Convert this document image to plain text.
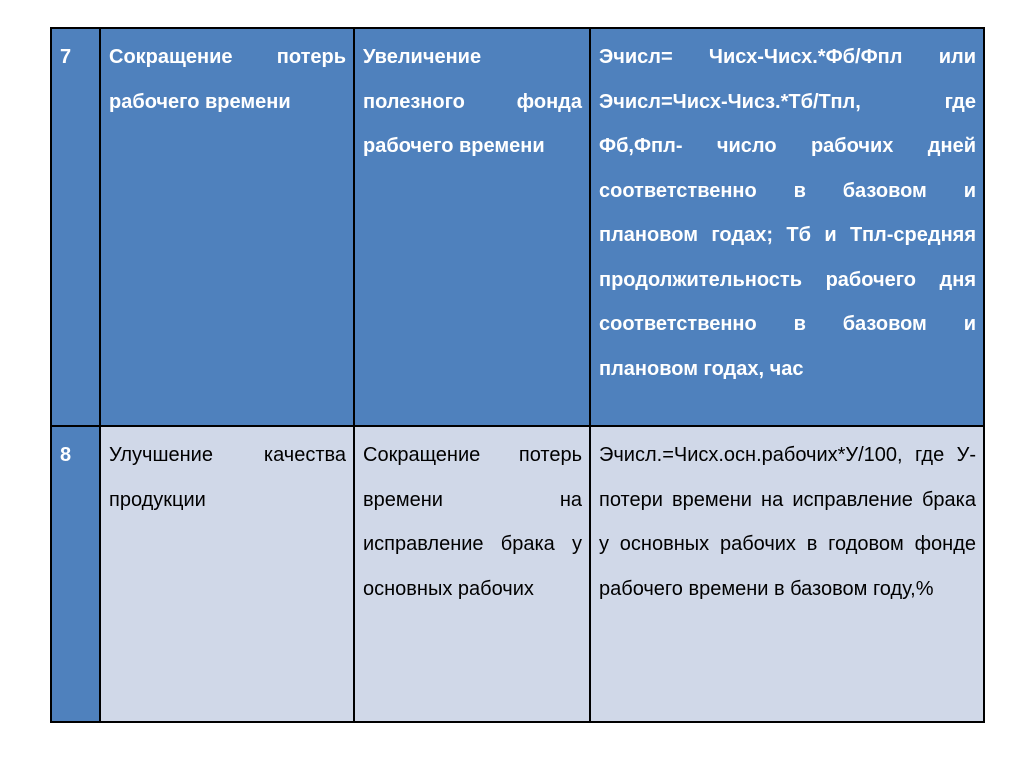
7	Сокращение потерь рабочего времени	Увеличение полезного фонда рабочего времени	Эчисл= Чисх-Чисх.*Фб/Фпл или Эчисл=Чисх-Чисз.*Тб/Тпл, где Фб,Фпл- число рабочих дней соответственно в базовом и плановом годах; Тб и Тпл-средняя продолжительность рабочего дня соответственно в базовом и плановом годах, час
8	Улучшение качества продукции	Сокращение потерь времени на исправление брака у основных рабочих	Эчисл.=Чисх.осн.рабочих*У/100, где У-потери времени на исправление брака у основных рабочих в годовом фонде рабочего времени в базовом году,%
